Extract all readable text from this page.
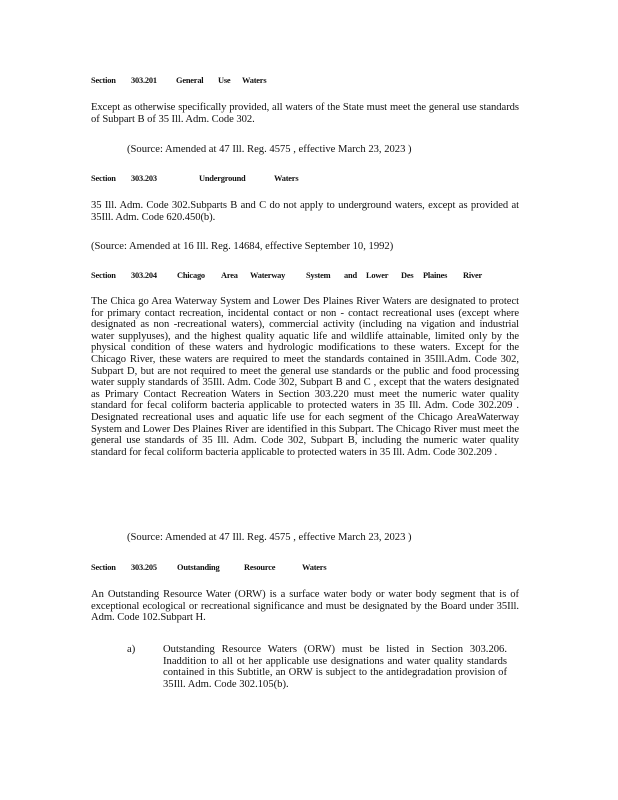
Section	303.201	General	Use	Waters
Except as otherwise specifically provided, all waters of the State must meet the general use standards of Subpart B of 35 Ill. Adm. Code 302.
(Source: Amended at 47 Ill. Reg. 4575 , effective March 23, 2023 )
Section	303.203	Underground	Waters
35 Ill. Adm. Code 302.Subparts B and C do not apply to underground waters, except as provided at 35Ill. Adm. Code 620.450(b).
(Source: Amended at 16 Ill. Reg. 14684, effective September 10, 1992)
Section	303.204	Chicago	Area	Waterway	System	and	Lower	Des	Plaines	River
The Chica go Area Waterway System and Lower Des Plaines River Waters are designated to protect for primary contact recreation, incidental contact or non - contact recreational uses (except where designated as non -recreational waters), commercial activity (including na vigation and industrial water supplyuses), and the highest quality aquatic life and wildlife attainable, limited only by the physical condition of these waters and hydrologic modifications to these waters. Except for the Chicago River, these waters are required to meet the standards contained in 35Ill.Adm. Code 302, Subpart D, but are not required to meet the general use standards or the public and food processing water supply standards of 35Ill. Adm. Code 302, Subpart B and C , except that the waters designated as Primary Contact Recreation Waters in Section 303.220 must meet the numeric water quality standard for fecal coliform bacteria applicable to protected waters in 35 Ill. Adm. Code 302.209 . Designated recreational uses and aquatic life use for each segment of the Chicago AreaWaterway System and Lower Des Plaines River are identified in this Subpart. The Chicago River must meet the general use standards of 35 Ill. Adm. Code 302, Subpart B, including the numeric water quality standard for fecal coliform bacteria applicable to protected waters in 35 Ill. Adm. Code 302.209 .
(Source: Amended at 47 Ill. Reg. 4575 , effective March 23, 2023 )
Section	303.205	Outstanding	Resource	Waters
An Outstanding Resource Water (ORW) is a surface water body or water body segment that is of exceptional ecological or recreational significance and must be designated by the Board under 35Ill. Adm. Code 102.Subpart H.
a)	Outstanding Resource Waters (ORW) must be listed in Section 303.206. Inaddition to all ot her applicable use designations and water quality standards contained in this Subtitle, an ORW is subject to the antidegradation provision of 35Ill. Adm. Code 302.105(b).
